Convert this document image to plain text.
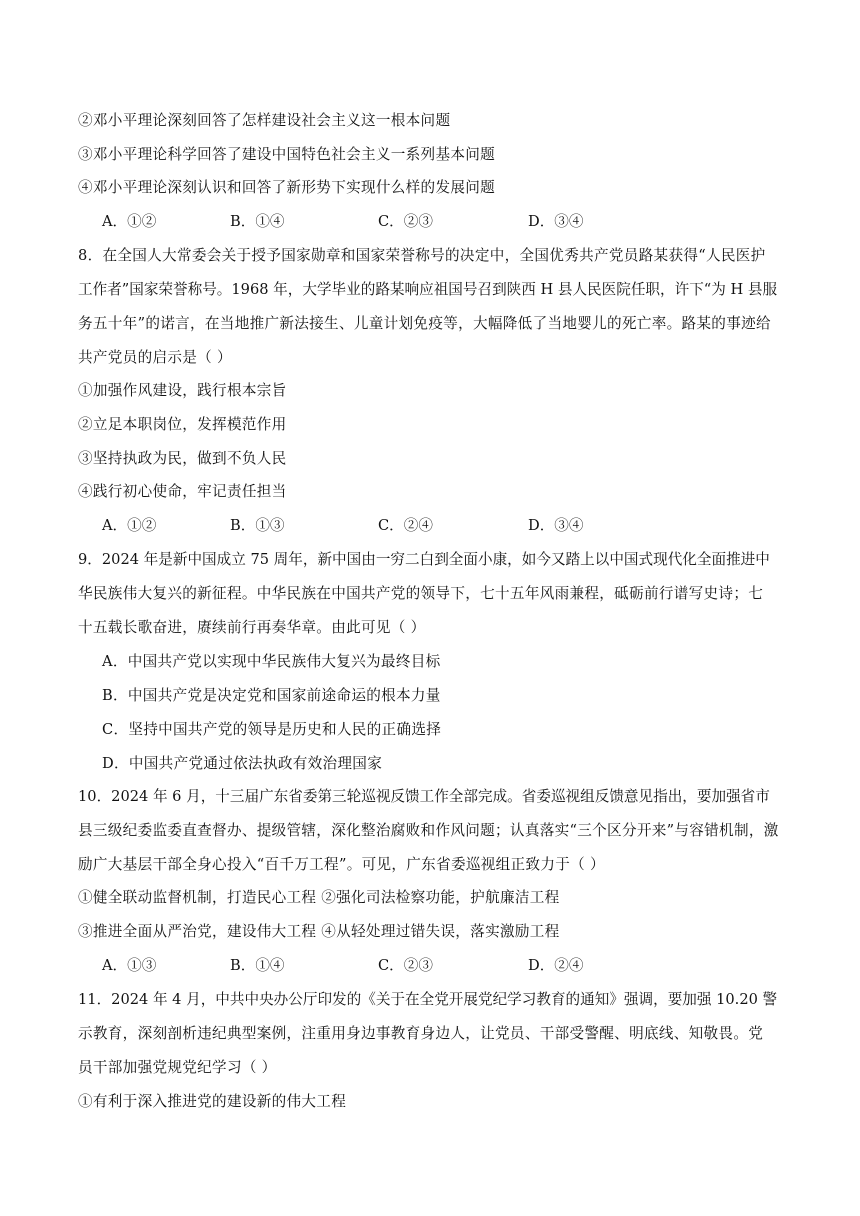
②邓小平理论深刻回答了怎样建设社会主义这一根本问题
③邓小平理论科学回答了建设中国特色社会主义一系列基本问题
④邓小平理论深刻认识和回答了新形势下实现什么样的发展问题
A．①②	B．①④	C．②③	D．③④
8．在全国人大常委会关于授予国家勋章和国家荣誉称号的决定中，全国优秀共产党员路某获得“人民医护
工作者”国家荣誉称号。1968 年，大学毕业的路某响应祖国号召到陕西 H 县人民医院任职，许下“为 H 县服
务五十年”的诺言，在当地推广新法接生、儿童计划免疫等，大幅降低了当地婴儿的死亡率。路某的事迹给
共产党员的启示是（ ）
①加强作风建设，践行根本宗旨
②立足本职岗位，发挥模范作用
③坚持执政为民，做到不负人民
④践行初心使命，牢记责任担当
A．①②	B．①③	C．②④	D．③④
9．2024 年是新中国成立 75 周年，新中国由一穷二白到全面小康，如今又踏上以中国式现代化全面推进中
华民族伟大复兴的新征程。中华民族在中国共产党的领导下，七十五年风雨兼程，砥砺前行谱写史诗；七
十五载长歌奋进，赓续前行再奏华章。由此可见（ ）
A．中国共产党以实现中华民族伟大复兴为最终目标
B．中国共产党是决定党和国家前途命运的根本力量
C．坚持中国共产党的领导是历史和人民的正确选择
D．中国共产党通过依法执政有效治理国家
10．2024 年 6 月，十三届广东省委第三轮巡视反馈工作全部完成。省委巡视组反馈意见指出，要加强省市
县三级纪委监委直查督办、提级管辖，深化整治腐败和作风问题；认真落实“三个区分开来”与容错机制，激
励广大基层干部全身心投入“百千万工程”。可见，广东省委巡视组正致力于（ ）
①健全联动监督机制，打造民心工程 ②强化司法检察功能，护航廉洁工程
③推进全面从严治党，建设伟大工程 ④从轻处理过错失误，落实激励工程
A．①③	B．①④	C．②③	D．②④
11．2024 年 4 月，中共中央办公厅印发的《关于在全党开展党纪学习教育的通知》强调，要加强 10.20 警
示教育，深刻剖析违纪典型案例，注重用身边事教育身边人，让党员、干部受警醒、明底线、知敬畏。党
员干部加强党规党纪学习（ ）
①有利于深入推进党的建设新的伟大工程
